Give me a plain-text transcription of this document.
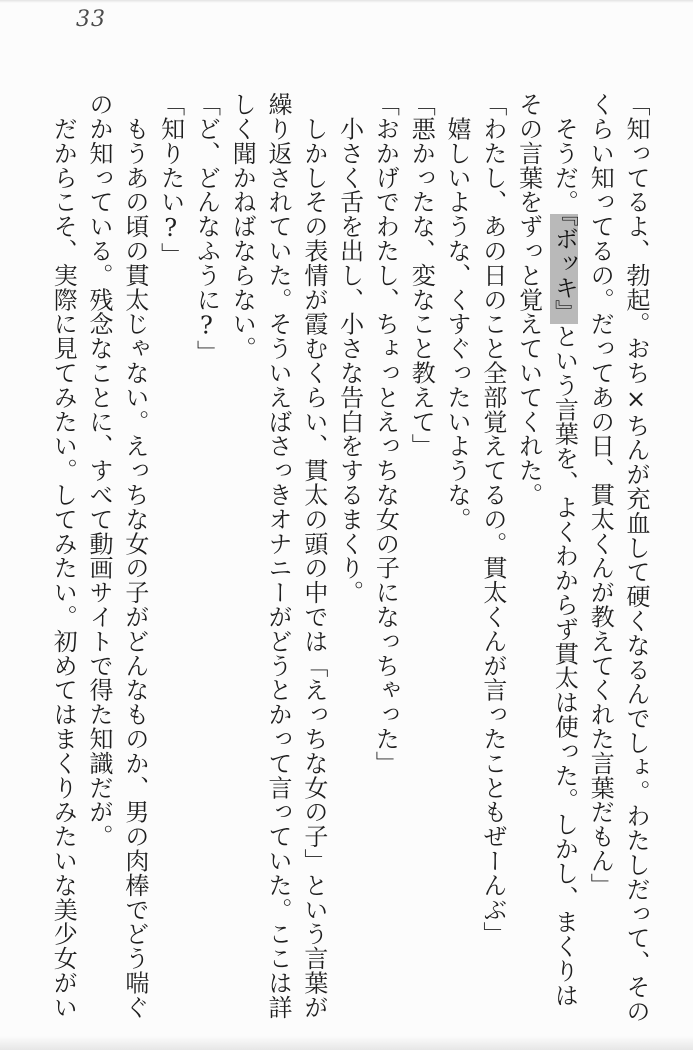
33
「知ってるよ、勃起。おち×ちんが充血して硬くなるんでしょ。わたしだって、その
くらい知ってるの。だってあの日、貫太くんが教えてくれた言葉だもん」
　そうだ。『ボッキ』という言葉を、よくわからず貫太は使った。しかし、まくりは
その言葉をずっと覚えていてくれた。
「わたし、あの日のこと全部覚えてるの。貫太くんが言ったこともぜーんぶ」
　嬉しいような、くすぐったいような。
「悪かったな、変なこと教えて」
「おかげでわたし、ちょっとえっちな女の子になっちゃった」
　小さく舌を出し、小さな告白をするまくり。
　しかしその表情が霞むくらい、貫太の頭の中では「えっちな女の子」という言葉が
繰り返されていた。そういえばさっきオナニーがどうとかって言っていた。ここは詳
しく聞かねばならない。
「ど、どんなふうに?」
「知りたい?」
　もうあの頃の貫太じゃない。えっちな女の子がどんなものか、男の肉棒でどう喘ぐ
のか知っている。残念なことに、すべて動画サイトで得た知識だが。
　だからこそ、実際に見てみたい。してみたい。初めてはまくりみたいな美少女がい
